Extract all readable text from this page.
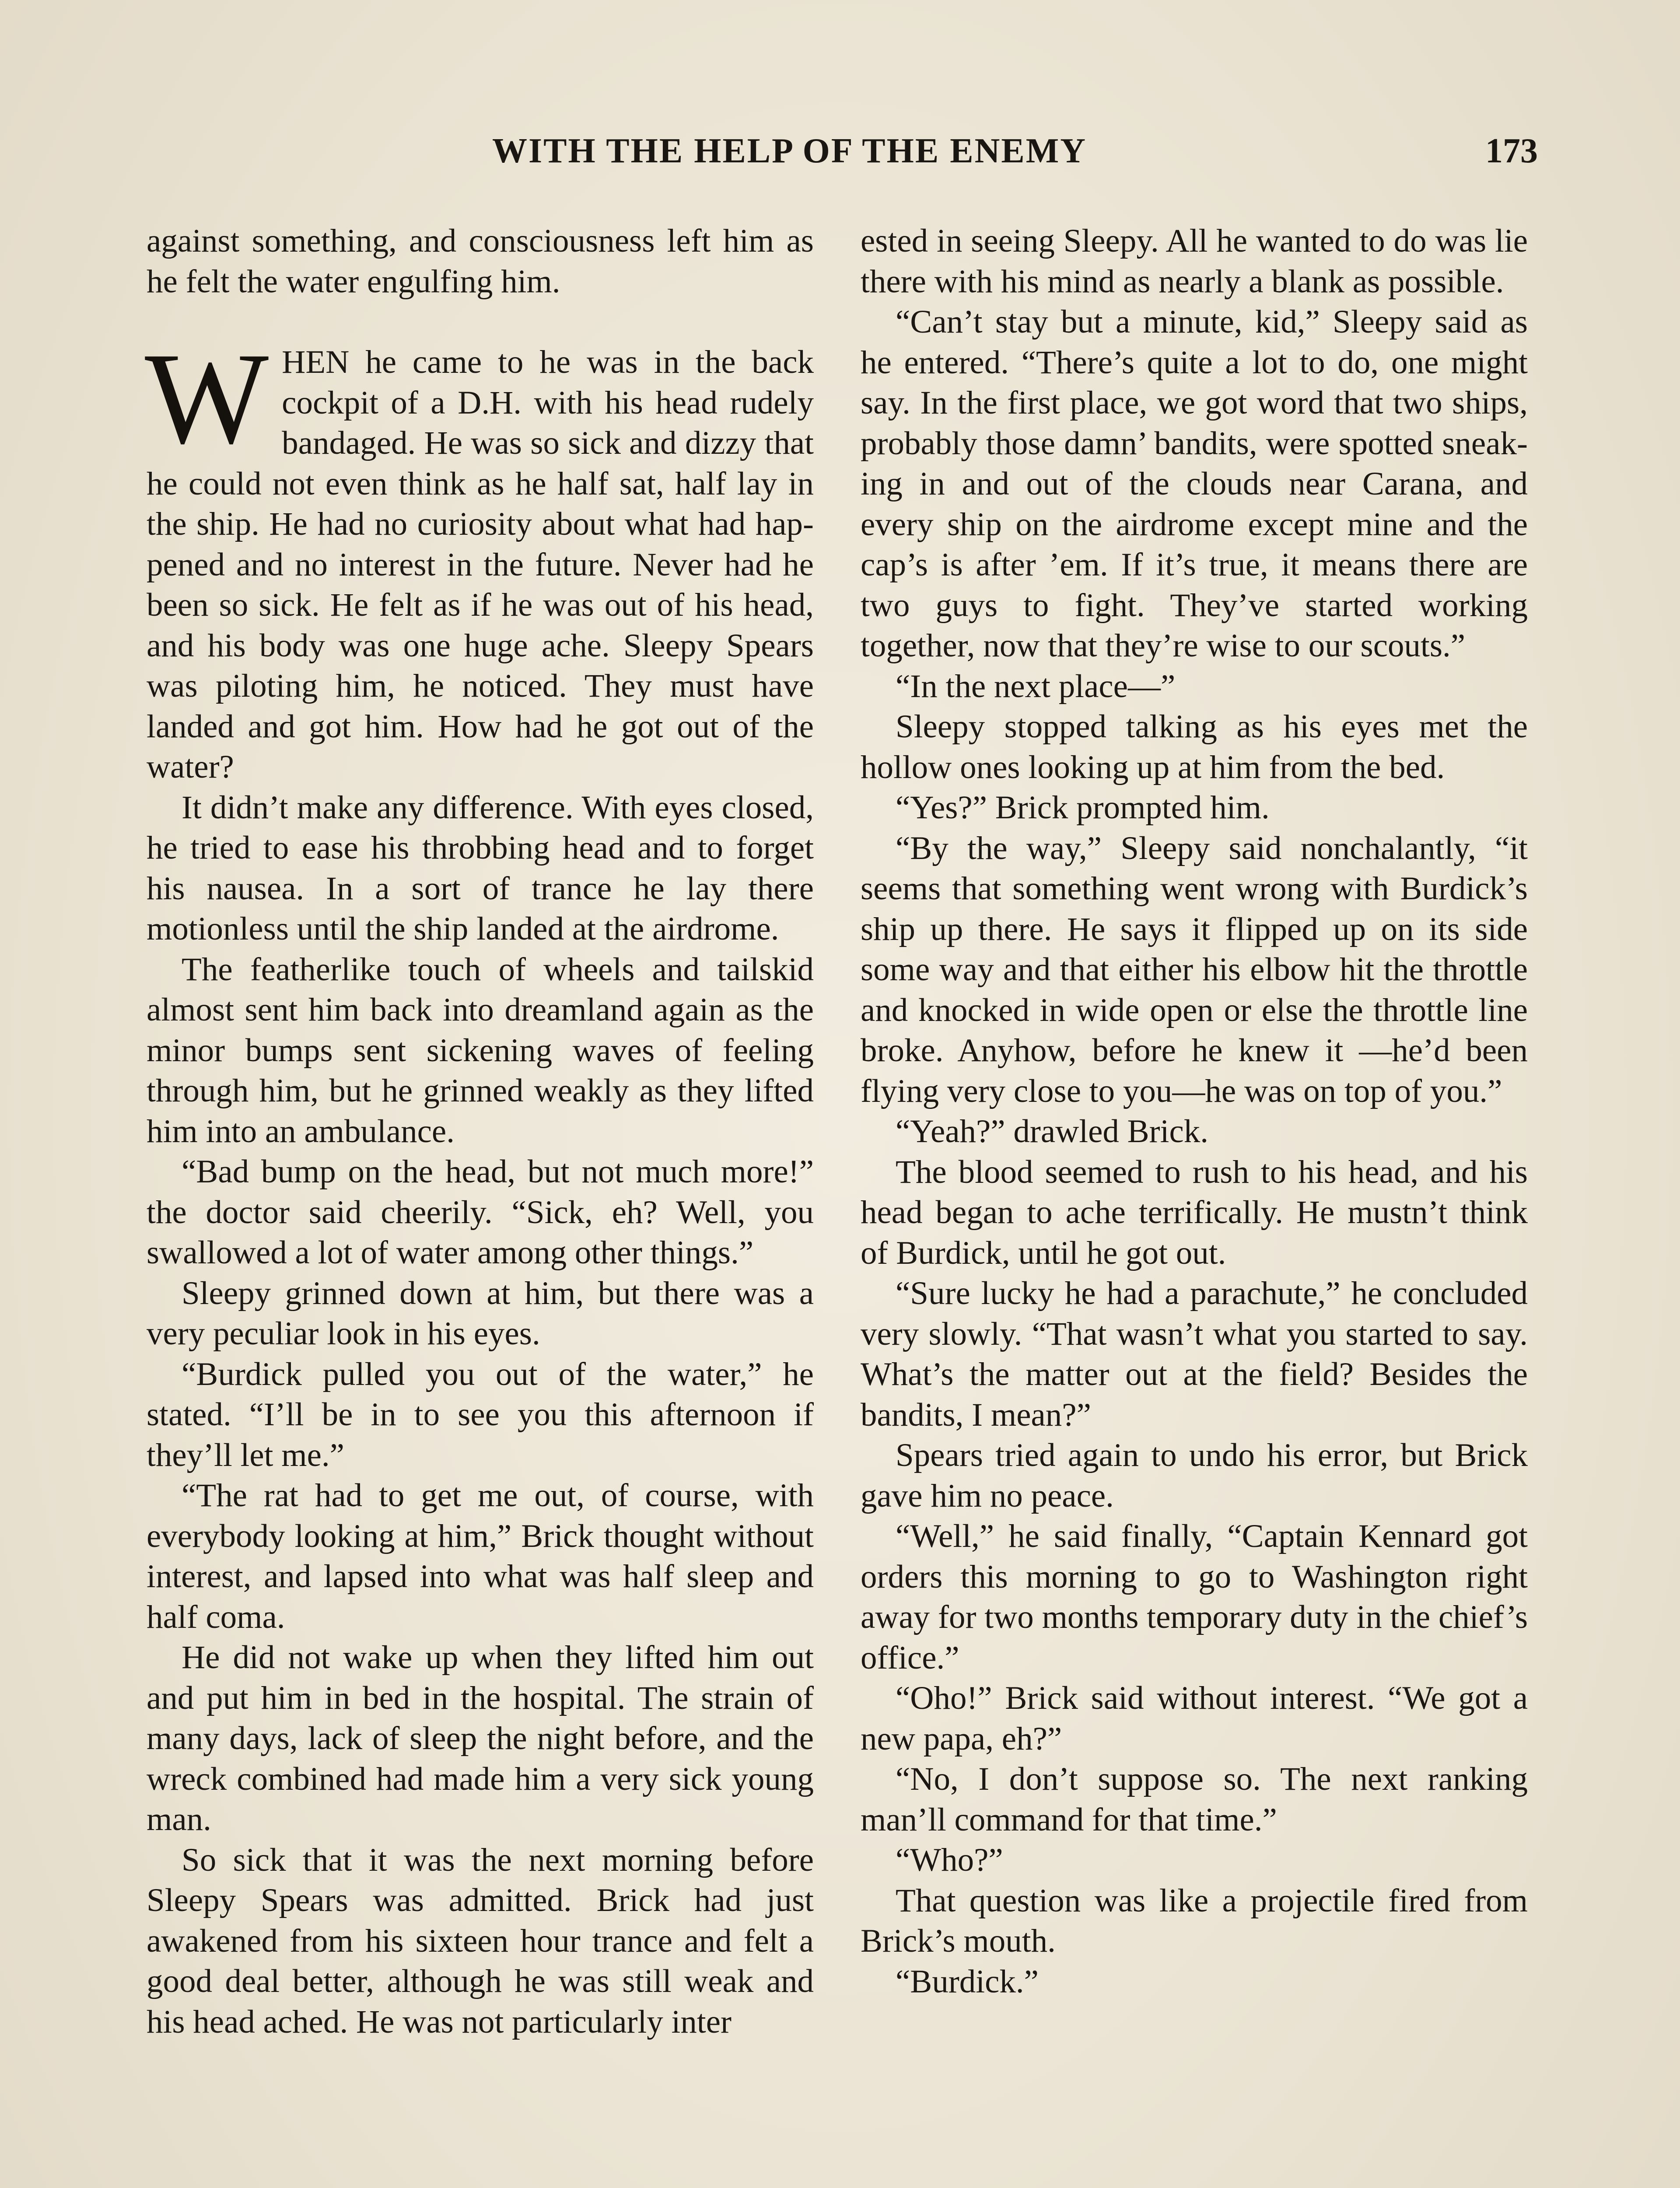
WITH THE HELP OF THE ENEMY	173

against something, and consciousness left him as he felt the water engulfing him.

WHEN he came to he was in the back cockpit of a D.H. with his head rudely bandaged. He was so sick and dizzy that he could not even think as he half sat, half lay in the ship. He had no curiosity about what had happened and no interest in the future. Never had he been so sick. He felt as if he was out of his head, and his body was one huge ache. Sleepy Spears was piloting him, he noticed. They must have landed and got him. How had he got out of the water?

It didn’t make any difference. With eyes closed, he tried to ease his throbbing head and to forget his nausea. In a sort of trance he lay there motionless until the ship landed at the airdrome.

The featherlike touch of wheels and tailskid almost sent him back into dreamland again as the minor bumps sent sickening waves of feeling through him, but he grinned weakly as they lifted him into an ambulance.

“Bad bump on the head, but not much more!” the doctor said cheerily. “Sick, eh? Well, you swallowed a lot of water among other things.”

Sleepy grinned down at him, but there was a very peculiar look in his eyes.

“Burdick pulled you out of the water,” he stated. “I’ll be in to see you this afternoon if they’ll let me.”

“The rat had to get me out, of course, with everybody looking at him,” Brick thought without interest, and lapsed into what was half sleep and half coma.

He did not wake up when they lifted him out and put him in bed in the hospital. The strain of many days, lack of sleep the night before, and the wreck combined had made him a very sick young man.

So sick that it was the next morning before Sleepy Spears was admitted. Brick had just awakened from his sixteen hour trance and felt a good deal better, although he was still weak and his head ached. He was not particularly inter

ested in seeing Sleepy. All he wanted to do was lie there with his mind as nearly a blank as possible.

“Can’t stay but a minute, kid,” Sleepy said as he entered. “There’s quite a lot to do, one might say. In the first place, we got word that two ships, probably those damn’ bandits, were spotted sneaking in and out of the clouds near Carana, and every ship on the airdrome except mine and the cap’s is after ’em. If it’s true, it means there are two guys to fight. They’ve started working together, now that they’re wise to our scouts.”

“In the next place—”

Sleepy stopped talking as his eyes met the hollow ones looking up at him from the bed.

“Yes?” Brick prompted him.

“By the way,” Sleepy said nonchalantly, “it seems that something went wrong with Burdick’s ship up there. He says it flipped up on its side some way and that either his elbow hit the throttle and knocked in wide open or else the throttle line broke. Anyhow, before he knew it —he’d been flying very close to you—he was on top of you.”

“Yeah?” drawled Brick.

The blood seemed to rush to his head, and his head began to ache terrifically. He mustn’t think of Burdick, until he got out.

“Sure lucky he had a parachute,” he concluded very slowly. “That wasn’t what you started to say. What’s the matter out at the field? Besides the bandits, I mean?”

Spears tried again to undo his error, but Brick gave him no peace.

“Well,” he said finally, “Captain Kennard got orders this morning to go to Washington right away for two months temporary duty in the chief’s office.”

“Oho!” Brick said without interest. “We got a new papa, eh?”

“No, I don’t suppose so. The next ranking man’ll command for that time.”

“Who?”

That question was like a projectile fired from Brick’s mouth.

“Burdick.”
